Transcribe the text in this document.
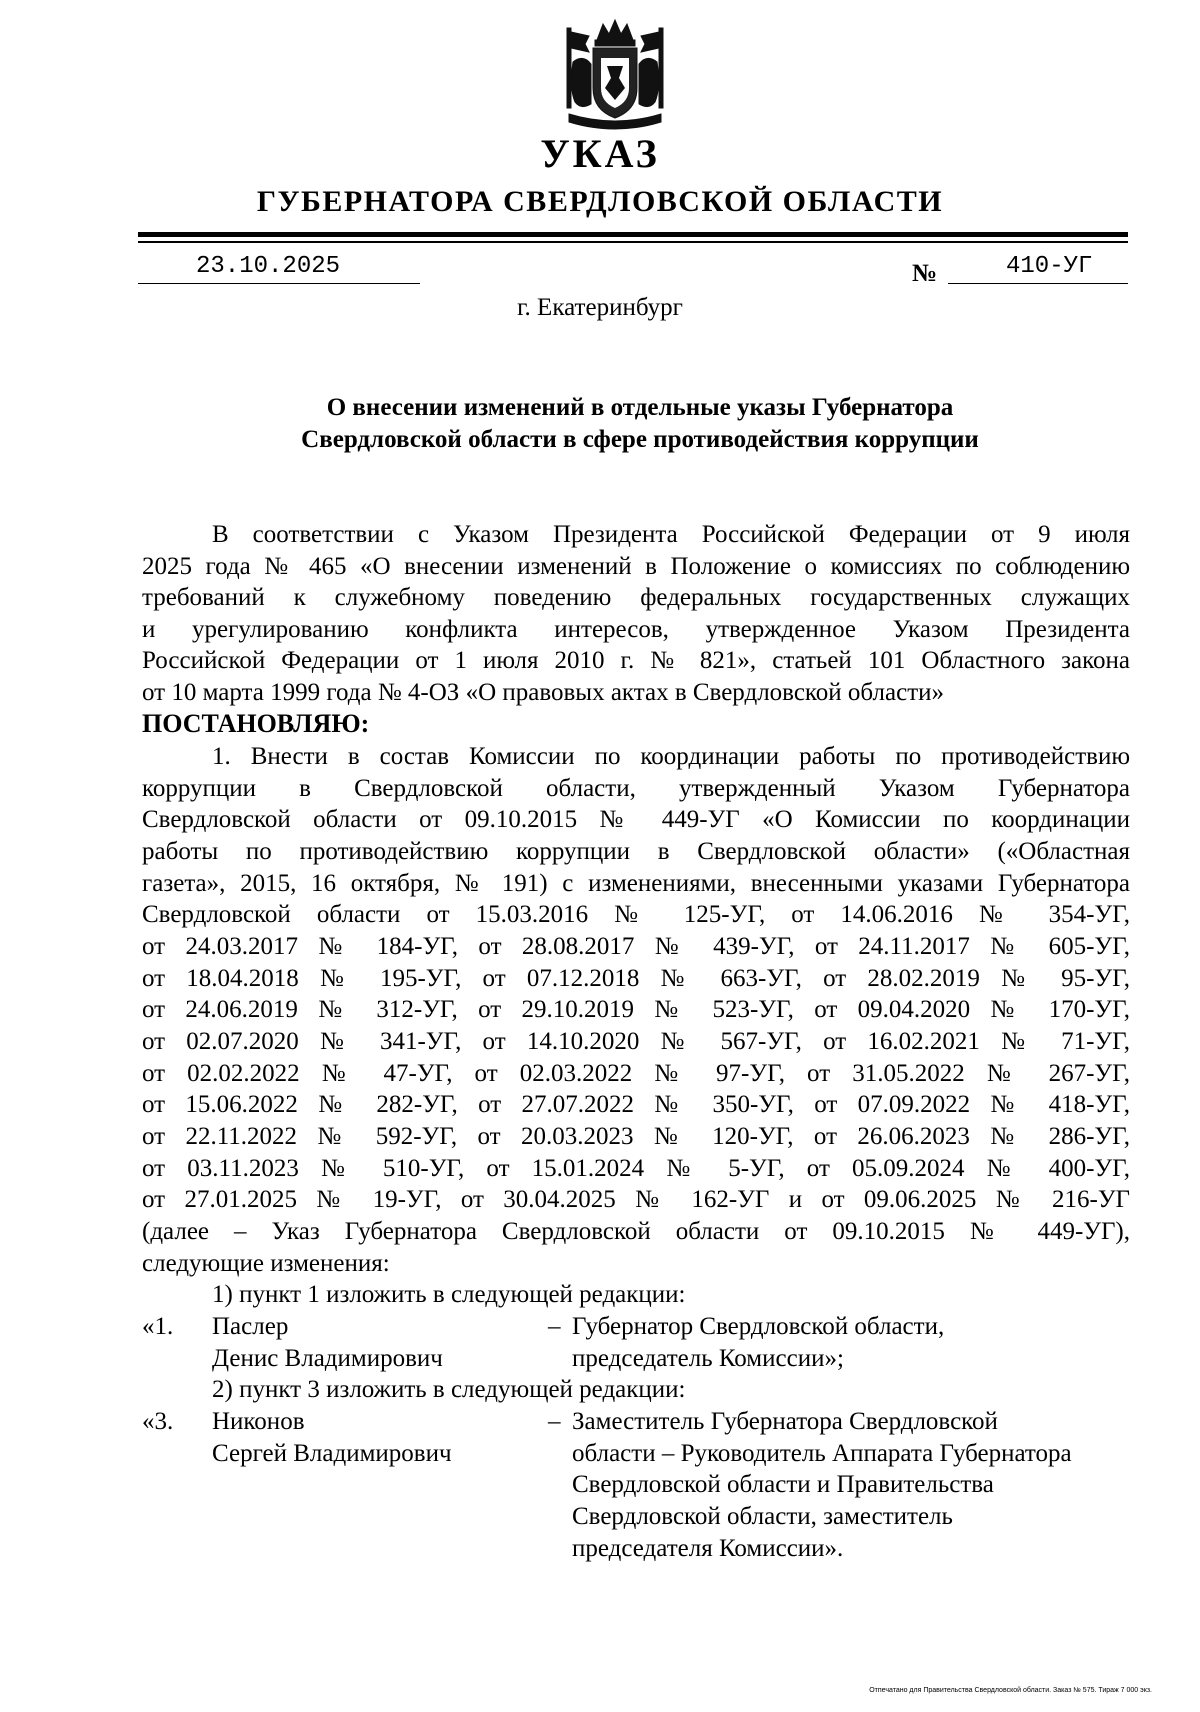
УКАЗ
ГУБЕРНАТОРА СВЕРДЛОВСКОЙ ОБЛАСТИ
23.10.2025	№	410-УГ
г. Екатеринбург
О внесении изменений в отдельные указы Губернатора
Свердловской области в сфере противодействия коррупции
В соответствии с Указом Президента Российской Федерации от 9 июля
2025 года № 465 «О внесении изменений в Положение о комиссиях по соблюдению
требований к служебному поведению федеральных государственных служащих
и урегулированию конфликта интересов, утвержденное Указом Президента
Российской Федерации от 1 июля 2010 г. № 821», статьей 101 Областного закона
от 10 марта 1999 года № 4-ОЗ «О правовых актах в Свердловской области»
ПОСТАНОВЛЯЮ:
1. Внести в состав Комиссии по координации работы по противодействию
коррупции в Свердловской области, утвержденный Указом Губернатора
Свердловской области от 09.10.2015 № 449-УГ «О Комиссии по координации
работы по противодействию коррупции в Свердловской области» («Областная
газета», 2015, 16 октября, № 191) с изменениями, внесенными указами Губернатора
Свердловской области от 15.03.2016 № 125-УГ, от 14.06.2016 № 354-УГ,
от 24.03.2017 № 184-УГ, от 28.08.2017 № 439-УГ, от 24.11.2017 № 605-УГ,
от 18.04.2018 № 195-УГ, от 07.12.2018 № 663-УГ, от 28.02.2019 № 95-УГ,
от 24.06.2019 № 312-УГ, от 29.10.2019 № 523-УГ, от 09.04.2020 № 170-УГ,
от 02.07.2020 № 341-УГ, от 14.10.2020 № 567-УГ, от 16.02.2021 № 71-УГ,
от 02.02.2022 № 47-УГ, от 02.03.2022 № 97-УГ, от 31.05.2022 № 267-УГ,
от 15.06.2022 № 282-УГ, от 27.07.2022 № 350-УГ, от 07.09.2022 № 418-УГ,
от 22.11.2022 № 592-УГ, от 20.03.2023 № 120-УГ, от 26.06.2023 № 286-УГ,
от 03.11.2023 № 510-УГ, от 15.01.2024 № 5-УГ, от 05.09.2024 № 400-УГ,
от 27.01.2025 № 19-УГ, от 30.04.2025 № 162-УГ и от 09.06.2025 № 216-УГ
(далее – Указ Губернатора Свердловской области от 09.10.2015 № 449-УГ),
следующие изменения:
1) пункт 1 изложить в следующей редакции:
«1. Паслер
Денис Владимирович
– Губернатор Свердловской области,
председатель Комиссии»;
2) пункт 3 изложить в следующей редакции:
«3. Никонов
Сергей Владимирович
– Заместитель Губернатора Свердловской
области – Руководитель Аппарата Губернатора
Свердловской области и Правительства
Свердловской области, заместитель
председателя Комиссии».
Отпечатано для Правительства Свердловской области. Заказ № 575. Тираж 7 000 экз.
